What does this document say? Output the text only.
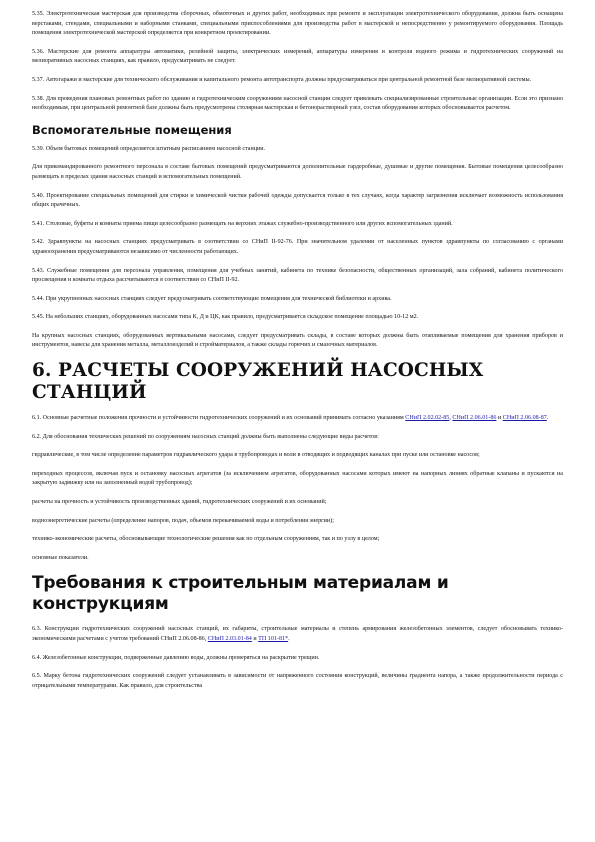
5.35. Электротехническая мастерская для производства сборочных, обмоточных и других работ, необходимых при ремонте и эксплуатации электротехнического оборудования, должна быть оснащена верстаками, стендами, специальными и наборными станками, специальными приспособлениями для производства работ в мастерской и непосредственно у ремонтируемого оборудования. Площадь помещения электротехнической мастерской определяется при конкретном проектировании.

5.36. Мастерские для ремонта аппаратуры автоматики, релейной защиты, электрических измерений, аппаратуры измерения и контроля водного режима и гидротехнических сооружений на мелиоративных насосных станциях, как правило, предусматривать не следует.

5.37. Автогаражи и мастерские для технического обслуживания и капитального ремонта автотранспорта должны предусматриваться при центральной ремонтной базе мелиоративной системы.

5.38. Для проведения плановых ремонтных работ по зданию и гидротехническим сооружениям насосной станции следует привлекать специализированные строительные организации. Если это признано необходимым, при центральной ремонтной базе должны быть предусмотрены столярная мастерская и бетонорастворный узел, состав оборудования которых обосновывается расчетом.

Вспомогательные помещения

5.39. Объем бытовых помещений определяется штатным расписанием насосной станции.

Для прикомандированного ремонтного персонала в составе бытовых помещений предусматриваются дополнительные гардеробные, душевые и другие помещения. Бытовые помещения целесообразно размещать в пределах здания насосных станций и вспомогательных помещений.

5.40. Проектирование специальных помещений для стирки и химической чистки рабочей одежды допускается только в тех случаях, когда характер загрязнения исключает возможность использования общих прачечных.

5.41. Столовые, буфеты и комнаты приема пищи целесообразно размещать на верхних этажах служебно-производственного или других вспомогательных зданий.

5.42. Здравпункты на насосных станциях предусматривать в соответствии со СНиП II-92-76. При значительном удалении от населенных пунктов здравпункты по согласованию с органами здравоохранения предусматриваются независимо от численности работающих.

5.43. Служебные помещения для персонала управления, помещения для учебных занятий, кабинета по технике безопасности, общественных организаций, зала собраний, кабинета политического просвещения и комнаты отдыха рассчитываются в соответствии со СНиП II-92.

5.44. При укрупненных насосных станциях следует предусматривать соответствующие помещения для технической библиотеки и архива.

5.45. На небольших станциях, оборудованных насосами типа К, Д и ЦК, как правило, предусматривается складское помещение площадью 10-12 м2.

На крупных насосных станциях, оборудованных вертикальными насосами, следует предусматривать склады, в составе которых должны быть отапливаемые помещения для хранения приборов и инструментов, навесы для хранения металла, металлоизделий и стройматериалов, а также склады горючих и смазочных материалов.

6. РАСЧЕТЫ СООРУЖЕНИЙ НАСОСНЫХ СТАНЦИЙ

6.1. Основные расчетные положения прочности и устойчивости гидротехнических сооружений и их оснований принимать согласно указаниям СНиП 2.02.02-85, СНиП 2.06.01-86 и СНиП 2.06.08-87.

6.2. Для обоснования технических решений по сооружениям насосных станций должны быть выполнены следующие виды расчетов:

гидравлические, в том числе определение параметров гидравлического удара в трубопроводах и воли в отводящих и подводящих каналах при пуске или остановке насосов;

переходных процессов, включая пуск и остановку насосных агрегатов (за исключением агрегатов, оборудованных насосами которых имеют на напорных линиях обратные клапаны и пускаются на закрытую задвижку или на заполненный водой трубопровод);

расчеты на прочность и устойчивость производственных зданий, гидротехнических сооружений и их оснований;

водноэнергетические расчеты (определение напоров, подач, объемов перекачиваемой воды и потребления энергии);

технико-экономические расчеты, обосновывающие технологические решения как по отдельным сооружениям, так и по узлу в целом;

основные показатели.

Требования к строительным материалам и конструкциям

6.3. Конструкции гидротехнических сооружений насосных станций, их габариты, строительные материалы и степень армирования железобетонных элементов, следует обосновывать технико-экономическими расчетами с учетом требований СНиП 2.06.08-86, СНиП 2.03.01-84 и ТП 101-81*.

6.4. Железобетонные конструкции, подверженные давлению воды, должны проверяться на раскрытие трещин.

6.5. Марку бетона гидротехнических сооружений следует устанавливать в зависимости от напряженного состояния конструкций, величины градиента напора, а также продолжительности периода с отрицательными температурами. Как правило, для строительства
